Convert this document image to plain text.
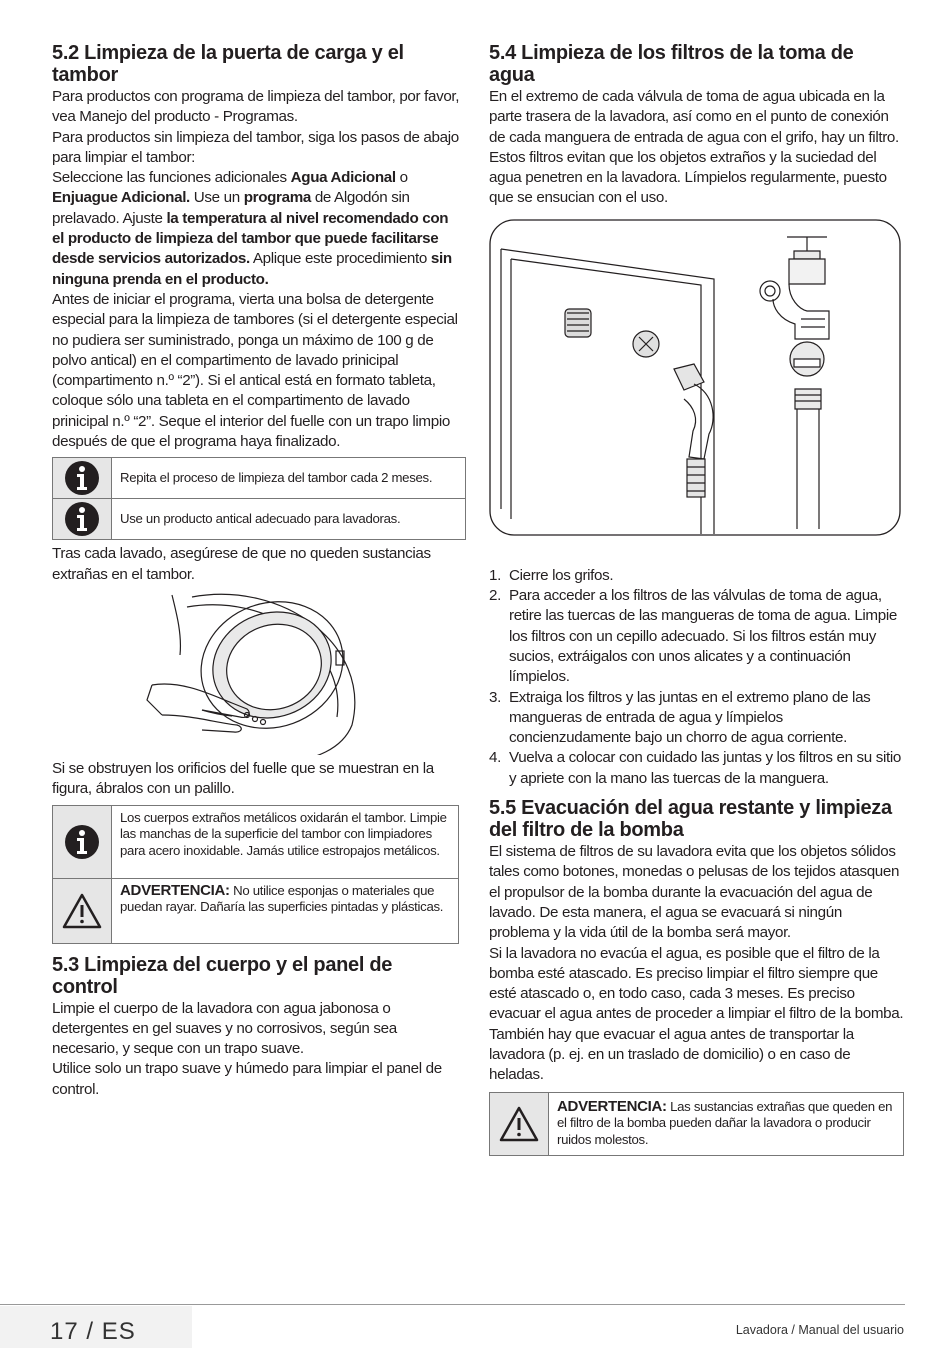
5.2 Limpieza de la puerta de carga y el tambor

Para productos con programa de limpieza del tambor, por favor, vea Manejo del producto - Programas.

Para productos sin limpieza del tambor, siga los pasos de abajo para limpiar el tambor:

Seleccione las funciones adicionales Agua Adicional o Enjuague Adicional. Use un programa de Algodón sin prelavado. Ajuste la temperatura al nivel recomendado con el producto de limpieza del tambor que puede facilitarse desde servicios autorizados. Aplique este procedimiento sin ninguna prenda en el producto.

Antes de iniciar el programa, vierta una bolsa de detergente especial para la limpieza de tambores (si el detergente especial no pudiera ser suministrado, ponga un máximo de 100 g de polvo antical) en el compartimento de lavado prinicipal (compartimento n.º “2”). Si el antical está en formato tableta, coloque sólo una tableta en el compartimento de lavado prinicipal n.º “2”. Seque el interior del fuelle con un trapo limpio después de que el programa haya finalizado.

Repita el proceso de limpieza del tambor cada 2 meses.
Use un producto antical adecuado para lavadoras.

Tras cada lavado, asegúrese de que no queden sustancias extrañas en el tambor.

Si se obstruyen los orificios del fuelle que se muestran en la figura, ábralos con un palillo.

Los cuerpos extraños metálicos oxidarán el tambor. Limpie las manchas de la superficie del tambor con limpiadores para acero inoxidable. Jamás utilice estropajos metálicos.
ADVERTENCIA: No utilice esponjas o materiales que puedan rayar. Dañaría las superficies pintadas y plásticas.
5.3 Limpieza del cuerpo y el panel de control

Limpie el cuerpo de la lavadora con agua jabonosa o detergentes en gel suaves y no corrosivos, según sea necesario, y seque con un trapo suave.

Utilice solo un trapo suave y húmedo para limpiar el panel de control.

5.4 Limpieza de los filtros de la toma de agua

En el extremo de cada válvula de toma de agua ubicada en la parte trasera de la lavadora, así como en el punto de conexión de cada manguera de entrada de agua con el grifo, hay un filtro. Estos filtros evitan que los objetos extraños y la suciedad del agua penetren en la lavadora. Límpielos regularmente, puesto que se ensucian con el uso.

1. Cierre los grifos.
2. Para acceder a los filtros de las válvulas de toma de agua, retire las tuercas de las mangueras de toma de agua. Limpie los filtros con un cepillo adecuado. Si los filtros están muy sucios, extráigalos con unos alicates y a continuación límpielos.
3. Extraiga los filtros y las juntas en el extremo plano de las mangueras de entrada de agua y límpielos concienzudamente bajo un chorro de agua corriente.
4. Vuelva a colocar con cuidado las juntas y los filtros en su sitio y apriete con la mano las tuercas de la manguera.
5.5 Evacuación del agua restante y limpieza del filtro de la bomba

El sistema de filtros de su lavadora evita que los objetos sólidos tales como botones, monedas o pelusas de los tejidos atasquen el propulsor de la bomba durante la evacuación del agua de lavado. De esta manera, el agua se evacuará si ningún problema y la vida útil de la bomba será mayor.

Si la lavadora no evacúa el agua, es posible que el filtro de la bomba esté atascado. Es preciso limpiar el filtro siempre que esté atascado o, en todo caso, cada 3 meses. Es preciso evacuar el agua antes de proceder a limpiar el filtro de la bomba.

También hay que evacuar el agua antes de transportar la lavadora (p. ej. en un traslado de domicilio) o en caso de heladas.

ADVERTENCIA: Las sustancias extrañas que queden en el filtro de la bomba pueden dañar la lavadora o producir ruidos molestos.
17 / ES	Lavadora / Manual del usuario
